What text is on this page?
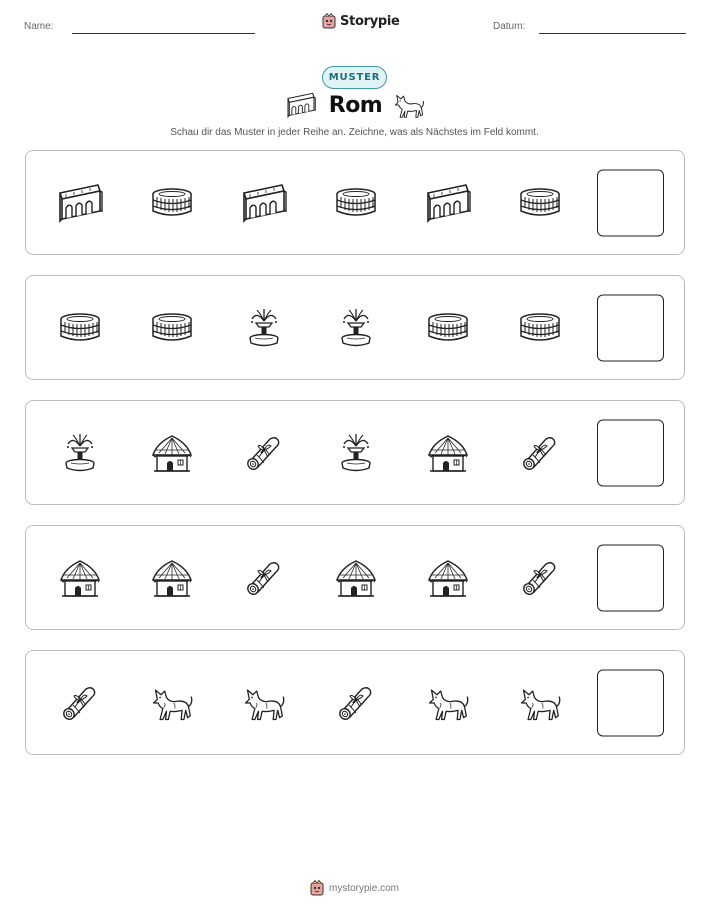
Name:	Storypie	Datum:
MUSTER
Rom
Schau dir das Muster in jeder Reihe an. Zeichne, was als Nächstes im Feld kommt.
mystorypie.com
